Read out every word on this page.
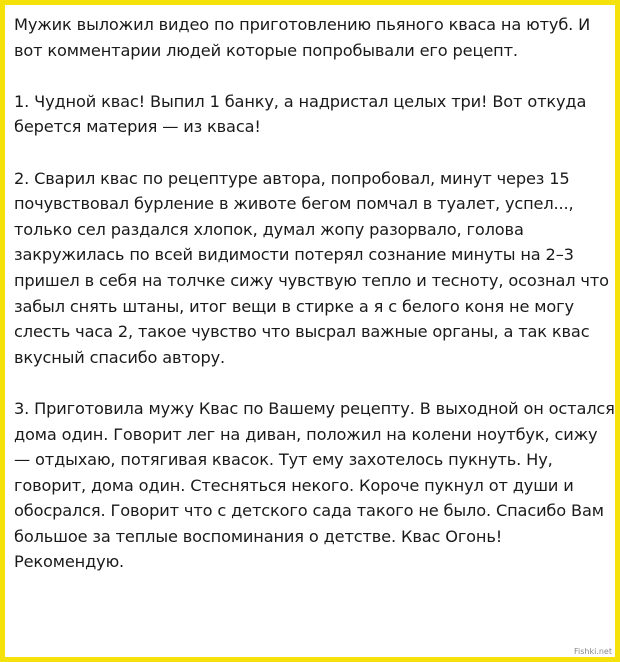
Мужик выложил видео по приготовлению пьяного кваса на ютуб. И вот комментарии людей которые попробывали его рецепт.

1. Чудной квас! Выпил 1 банку, а надристал целых три! Вот откуда берется материя — из кваса!

2. Сварил квас по рецептуре автора, попробовал, минут через 15 почувствовал бурление в животе бегом помчал в туалет, успел..., только сел раздался хлопок, думал жопу разорвало, голова закружилась по всей видимости потерял сознание минуты на 2–3 пришел в себя на толчке сижу чувствую тепло и тесноту, осознал что забыл снять штаны, итог вещи в стирке а я с белого коня не могу слесть часа 2, такое чувство что высрал важные органы, а так квас вкусный спасибо автору.

3. Приготовила мужу Квас по Вашему рецепту. В выходной он остался дома один. Говорит лег на диван, положил на колени ноутбук, сижу — отдыхаю, потягивая квасок. Тут ему захотелось пукнуть. Ну, говорит, дома один. Стесняться некого. Короче пукнул от души и обосрался. Говорит что с детского сада такого не было. Спасибо Вам большое за теплые воспоминания о детстве. Квас Огонь! Рекомендую.

Fishki.net
